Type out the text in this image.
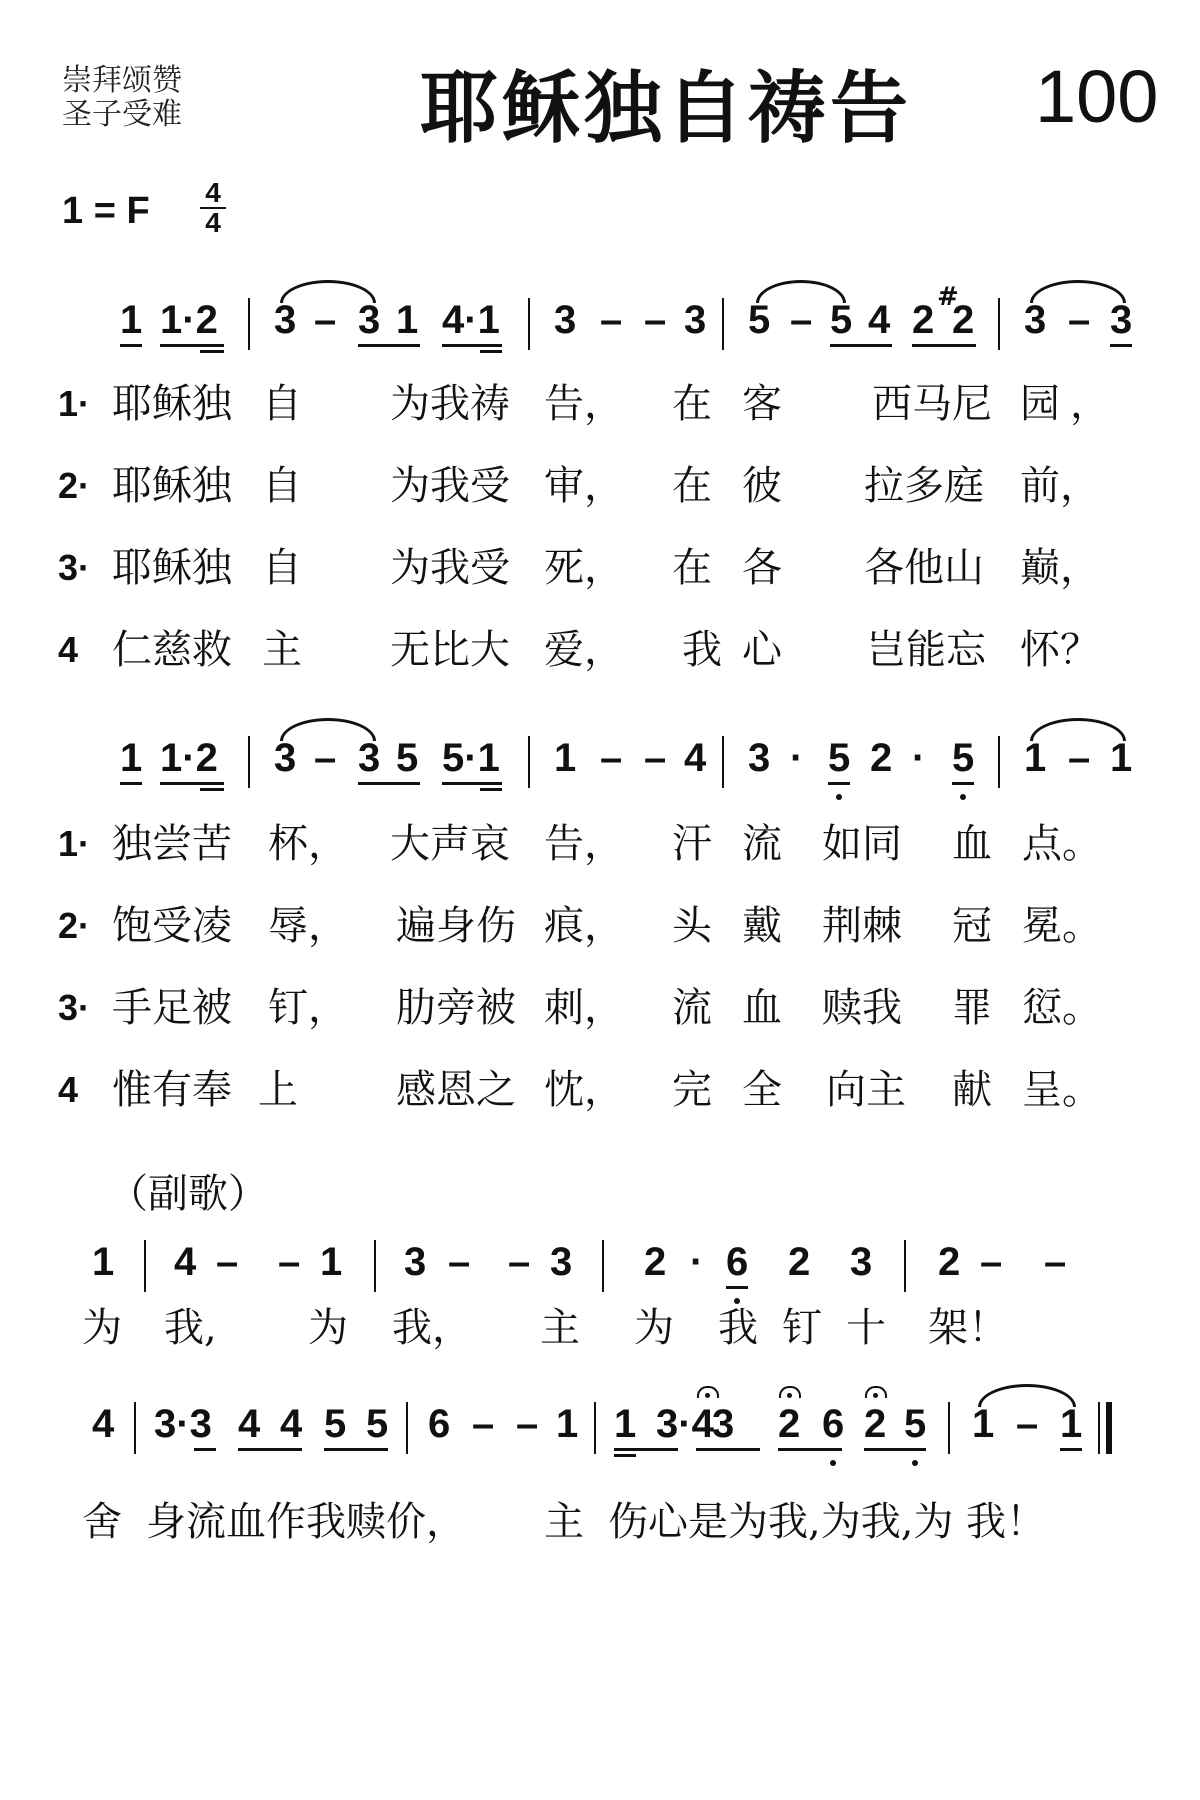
崇拜颂赞
圣子受难	耶稣独自祷告 100
1 = F 4
4
1 1·2 3 – 3 1 4·1 3 – – 3 5 – 5 4 2
#
2 3 – 3
1· 耶稣独 自 为我祷 告， 在 客 西马尼 园 ，
2· 耶稣独 自 为我受 审， 在 彼 拉多庭 前，
3· 耶稣独 自 为我受 死， 在 各 各他山 巅，
4 仁慈救 主 无比大 爱， 我 心 岂能忘 怀？
1 1·2 3 – 3 5 5·1 1 – – 4 3 · 5 2 · 5 1 – 1
1· 独尝苦 杯， 大声哀 告， 汗 流 如同 血 点。
2· 饱受凌 辱， 遍身伤 痕， 头 戴 荆棘 冠 冕。
3· 手足被 钉， 肋旁被 刺， 流 血 赎我 罪 愆。
4 惟有奉 上 感恩之 忱， 完 全 向主 献 呈。
（副歌）
1 4 – – 1 3 – – 3 2 · 6 2 3 2 – –
为 我, 为 我， 主 为 我 钉 十 架！
4 3·3 4 4 5 5 6 – – 1 1 3·4
3 2 6 2 5 1 – 1
舍 身流血作我赎价， 主 伤心是为我,为我,为 我！
